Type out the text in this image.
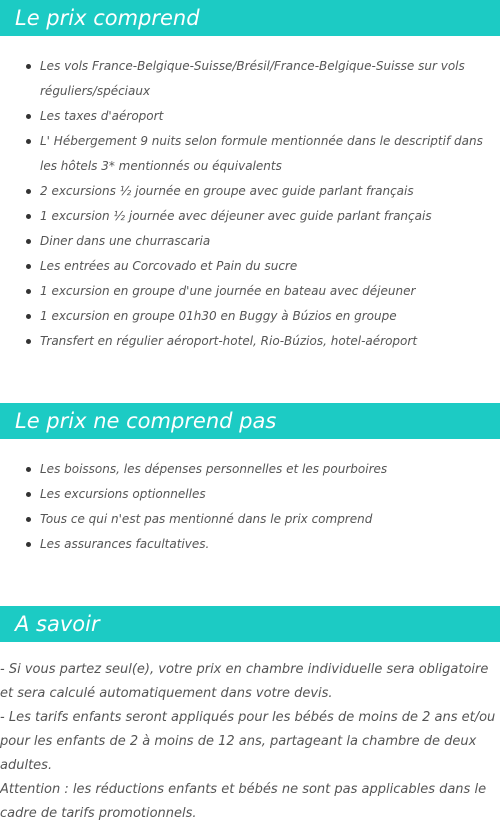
Le prix comprend
Les vols France-Belgique-Suisse/Brésil/France-Belgique-Suisse sur vols réguliers/spéciaux
Les taxes d'aéroport
L' Hébergement 9 nuits selon formule mentionnée dans le descriptif dans les hôtels 3* mentionnés ou équivalents
2 excursions ½ journée en groupe avec guide parlant français
1 excursion ½ journée avec déjeuner avec guide parlant français
Diner dans une churrascaria
Les entrées au Corcovado et Pain du sucre
1 excursion en groupe d'une journée en bateau avec déjeuner
1 excursion en groupe 01h30 en Buggy à Búzios en groupe
Transfert en régulier aéroport-hotel, Rio-Búzios, hotel-aéroport
Le prix ne comprend pas
Les boissons, les dépenses personnelles et les pourboires
Les excursions optionnelles
Tous ce qui n'est pas mentionné dans le prix comprend
Les assurances facultatives.
A savoir

- Si vous partez seul(e), votre prix en chambre individuelle sera obligatoire et sera calculé automatiquement dans votre devis.

- Les tarifs enfants seront appliqués pour les bébés de moins de 2 ans et/ou pour les enfants de 2 à moins de 12 ans, partageant la chambre de deux adultes.

Attention : les réductions enfants et bébés ne sont pas applicables dans le cadre de tarifs promotionnels.
